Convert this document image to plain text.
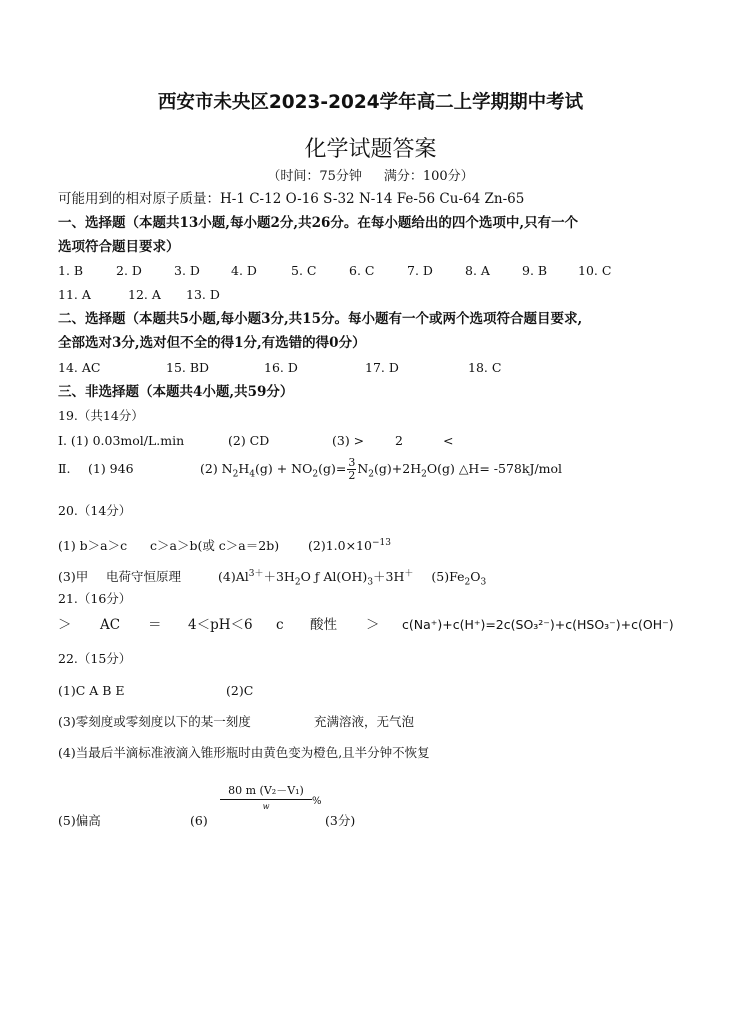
西安市未央区2023-2024学年高二上学期期中考试
化学试题答案
（时间：75分钟 满分：100分）
可能用到的相对原子质量：H-1 C-12 O-16 S-32 N-14 Fe-56 Cu-64 Zn-65
一、选择题（本题共13小题,每小题2分,共26分。在每小题给出的四个选项中,只有一个
选项符合题目要求）
1. B	2. D	3. D 4. D	5. C	6. C	7. D	8. A	9. B 10. C
11. A	12. A 13. D
二、选择题（本题共5小题,每小题3分,共15分。每小题有一个或两个选项符合题目要求,
全部选对3分,选对但不全的得1分,有选错的得0分）
14. AC	15. BD	16. D	17. D	18. C
三、非选择题（本题共4小题,共59分）
19.（共14分）
Ⅰ. (1) 0.03mol/L.min	(2) CD	(3) > 2	<
Ⅱ. (1) 946	(2) $N_2H_4(g) + NO_2(g)= \frac{3}{2} N_2(g)+2H_2O(g)$ △H= -578kJ/mol
20.（14分）
(1) b＞a＞c c＞a＞b(或 c＞a＝2b) $(2)1.0\times 10^{-13}$
(3)甲 电荷守恒原理	$(4)Al^{3+}+3H_2O$ ƒ $Al(OH)_3+3H^+$ $(5)Fe_2O_3$
21.（16分）
＞ AC ＝ 4＜pH＜6 c 酸性 ＞ c(Na⁺)+c(H⁺)=2c(SO₃²⁻)+c(HSO₃⁻)+c(OH⁻)
22.（15分）
(1)C A B E	(2)C
(3)零刻度或零刻度以下的某一刻度	充满溶液，无气泡
(4)当最后半滴标准液滴入锥形瓶时由黄色变为橙色,且半分钟不恢复
(5)偏高	(6)
80 m (V₂－V₁)
w	%
(3分)
